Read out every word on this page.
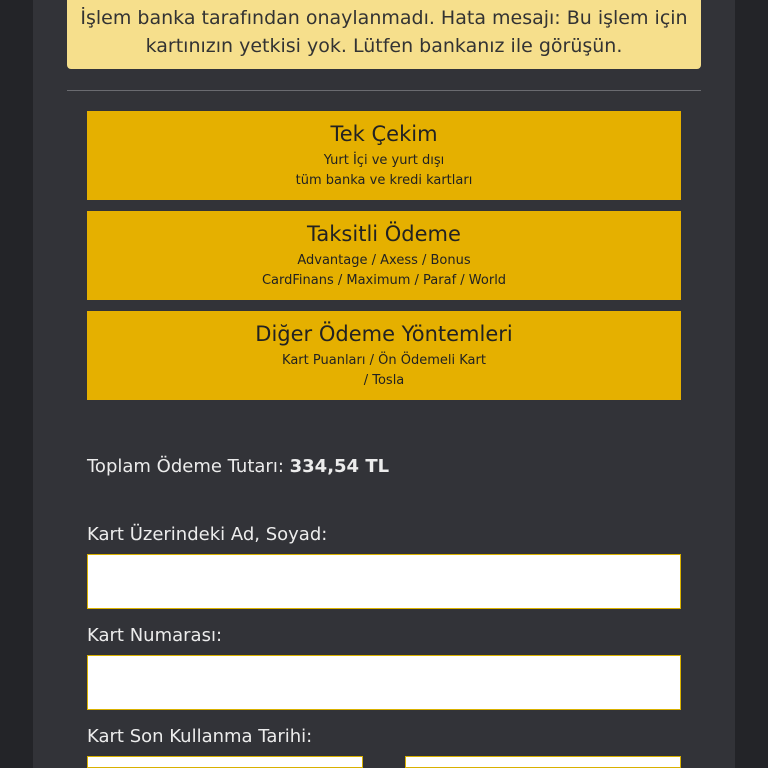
İşlem banka tarafından onaylanmadı. Hata mesajı: Bu işlem için
kartınızın yetkisi yok. Lütfen bankanız ile görüşün.
Tek Çekim
Yurt İçi ve yurt dışı
tüm banka ve kredi kartları
Taksitli Ödeme
Advantage / Axess / Bonus
CardFinans / Maximum / Paraf / World
Diğer Ödeme Yöntemleri
Kart Puanları / Ön Ödemeli Kart
/ Tosla
Toplam Ödeme Tutarı: 334,54 TL
Kart Üzerindeki Ad, Soyad:
Kart Numarası:
Kart Son Kullanma Tarihi:
